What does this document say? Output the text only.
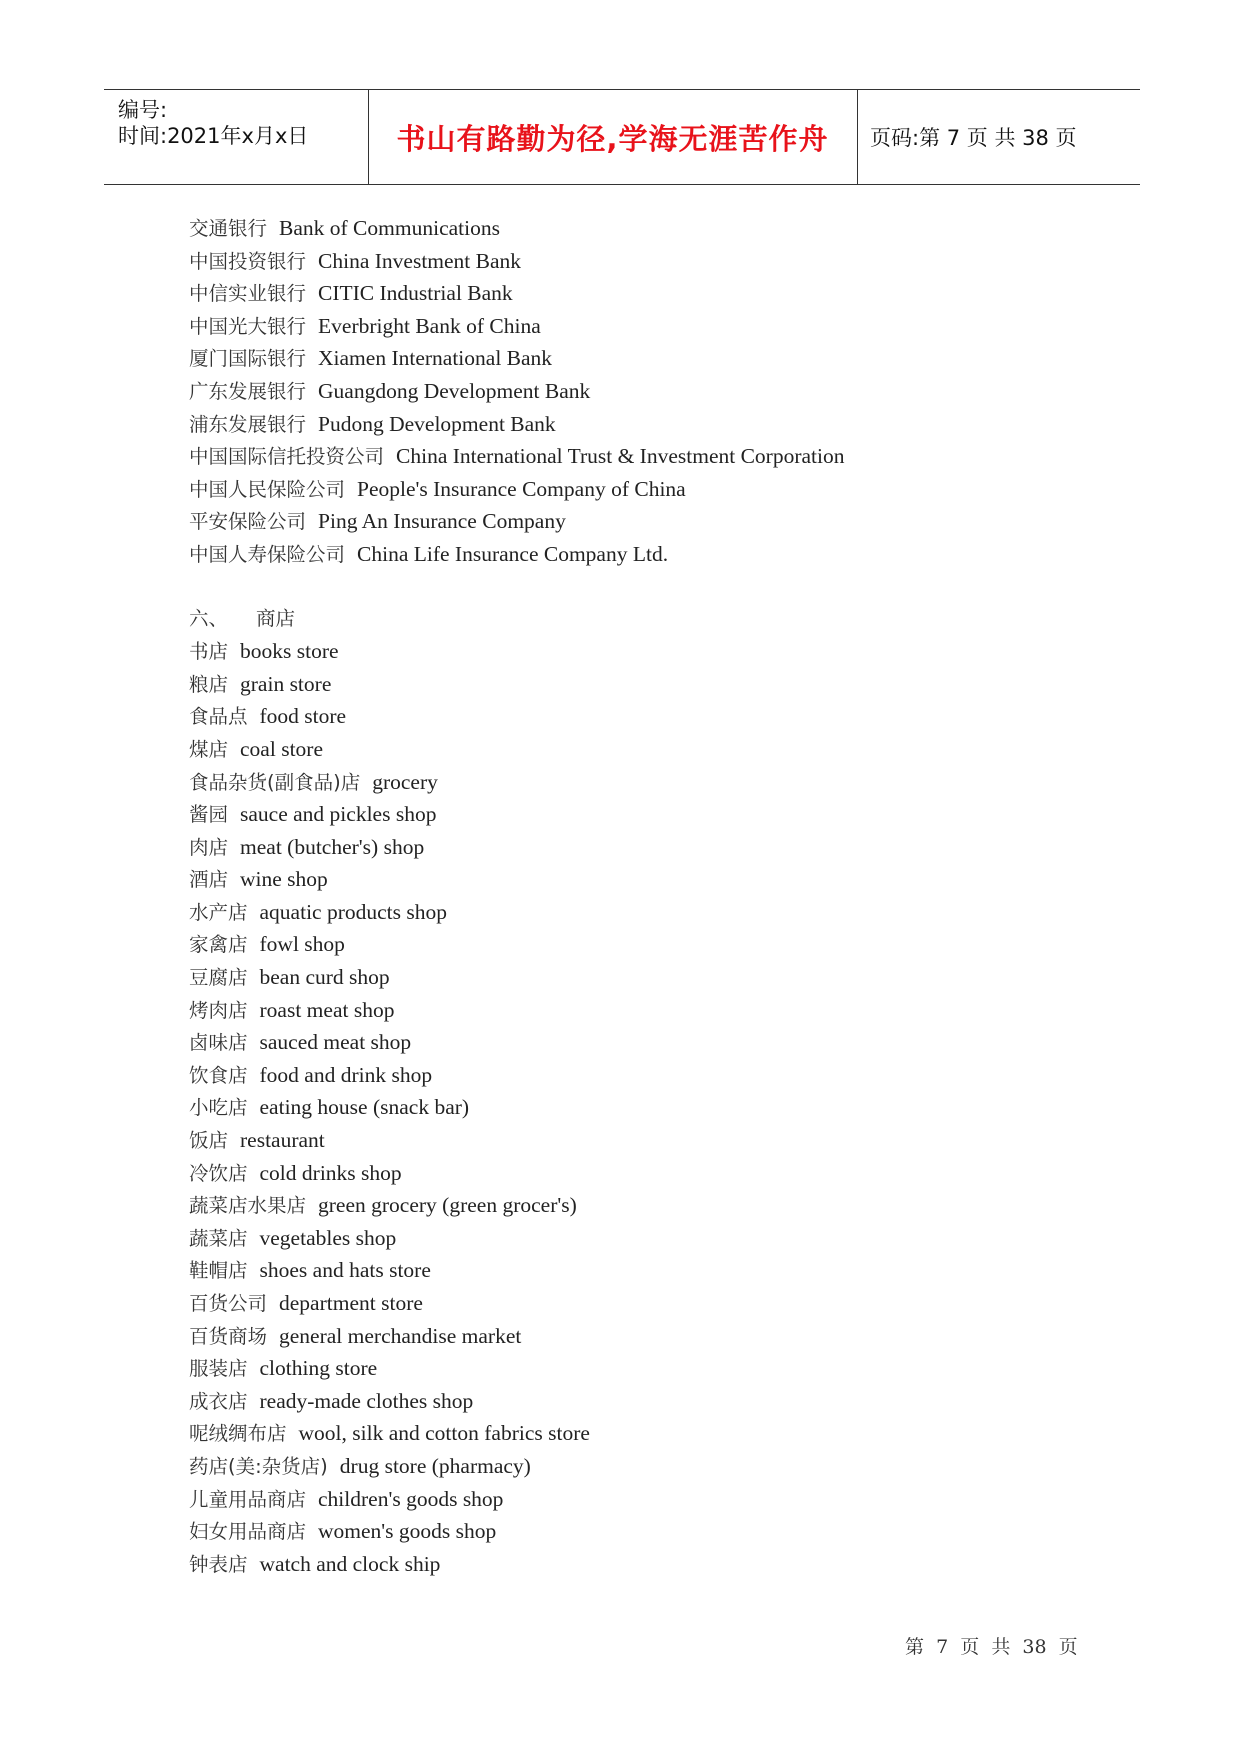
编号:
时间:2021年x月x日	书山有路勤为径,学海无涯苦作舟 页码:第 7 页 共 38 页
交通银行 Bank of Communications
中国投资银行 China Investment Bank
中信实业银行 CITIC Industrial Bank
中国光大银行 Everbright Bank of China
厦门国际银行 Xiamen International Bank
广东发展银行 Guangdong Development Bank
浦东发展银行 Pudong Development Bank
中国国际信托投资公司 China International Trust & Investment Corporation
中国人民保险公司 People's Insurance Company of China
平安保险公司 Ping An Insurance Company
中国人寿保险公司 China Life Insurance Company Ltd.
六、 商店
书店 books store
粮店 grain store
食品点 food store
煤店 coal store
食品杂货(副食品)店 grocery
酱园 sauce and pickles shop
肉店 meat (butcher's) shop
酒店 wine shop
水产店 aquatic products shop
家禽店 fowl shop
豆腐店 bean curd shop
烤肉店 roast meat shop
卤味店 sauced meat shop
饮食店 food and drink shop
小吃店 eating house (snack bar)
饭店 restaurant
冷饮店 cold drinks shop
蔬菜店水果店 green grocery (green grocer's)
蔬菜店 vegetables shop
鞋帽店 shoes and hats store
百货公司 department store
百货商场 general merchandise market
服装店 clothing store
成衣店 ready-made clothes shop
呢绒绸布店 wool, silk and cotton fabrics store
药店(美:杂货店) drug store (pharmacy)
儿童用品商店 children's goods shop
妇女用品商店 women's goods shop
钟表店 watch and clock ship
第  7  页  共  38  页
